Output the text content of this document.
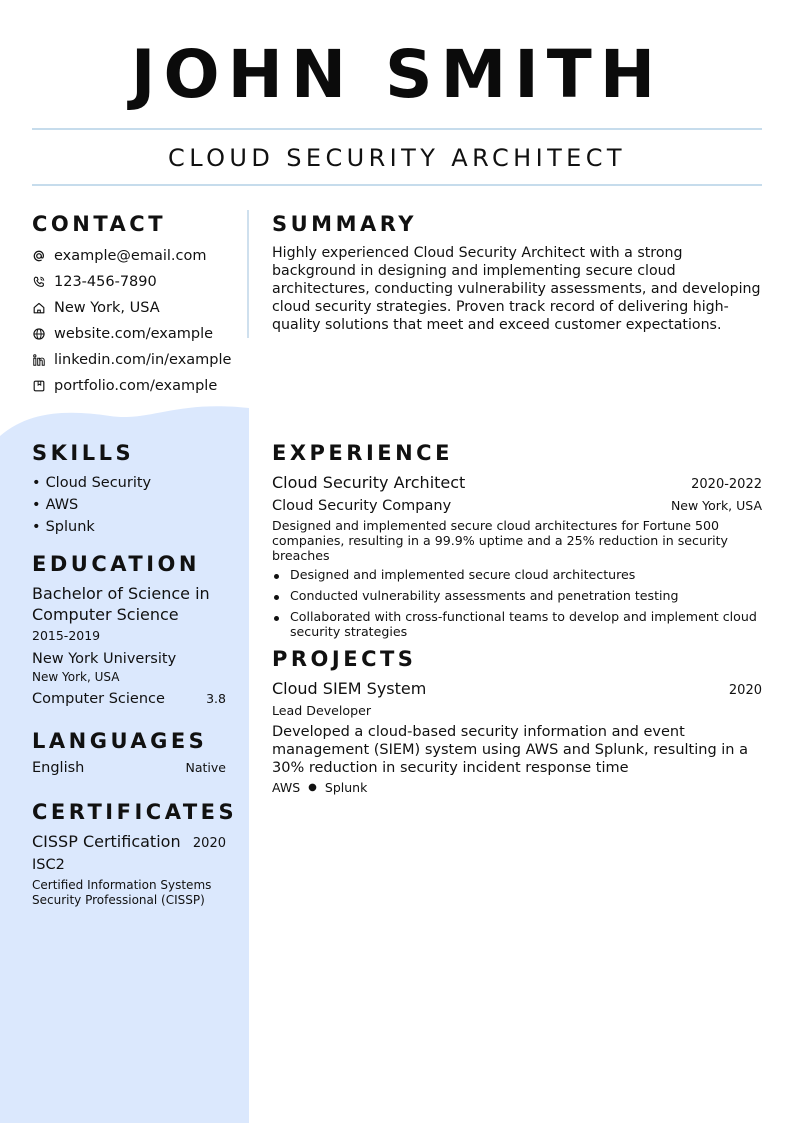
JOHN SMITH
CLOUD SECURITY ARCHITECT
CONTACT
example@email.com
123-456-7890
New York, USA
website.com/example
linkedin.com/in/example
portfolio.com/example
SUMMARY
Highly experienced Cloud Security Architect with a strong background in designing and implementing secure cloud architectures, conducting vulnerability assessments, and developing cloud security strategies. Proven track record of delivering high-quality solutions that meet and exceed customer expectations.
SKILLS
• Cloud Security
• AWS
• Splunk
EDUCATION
Bachelor of Science in Computer Science
2015-2019
New York University
New York, USA
Computer Science	3.8
LANGUAGES
English	Native
CERTIFICATES
CISSP Certification 2020
ISC2
Certified Information Systems Security Professional (CISSP)
EXPERIENCE
Cloud Security Architect	2020-2022
Cloud Security Company	New York, USA
Designed and implemented secure cloud architectures for Fortune 500 companies, resulting in a 99.9% uptime and a 25% reduction in security breaches
Designed and implemented secure cloud architectures
Conducted vulnerability assessments and penetration testing
Collaborated with cross-functional teams to develop and implement cloud security strategies
PROJECTS
Cloud SIEM System	2020
Lead Developer
Developed a cloud-based security information and event management (SIEM) system using AWS and Splunk, resulting in a 30% reduction in security incident response time
AWS ● Splunk
